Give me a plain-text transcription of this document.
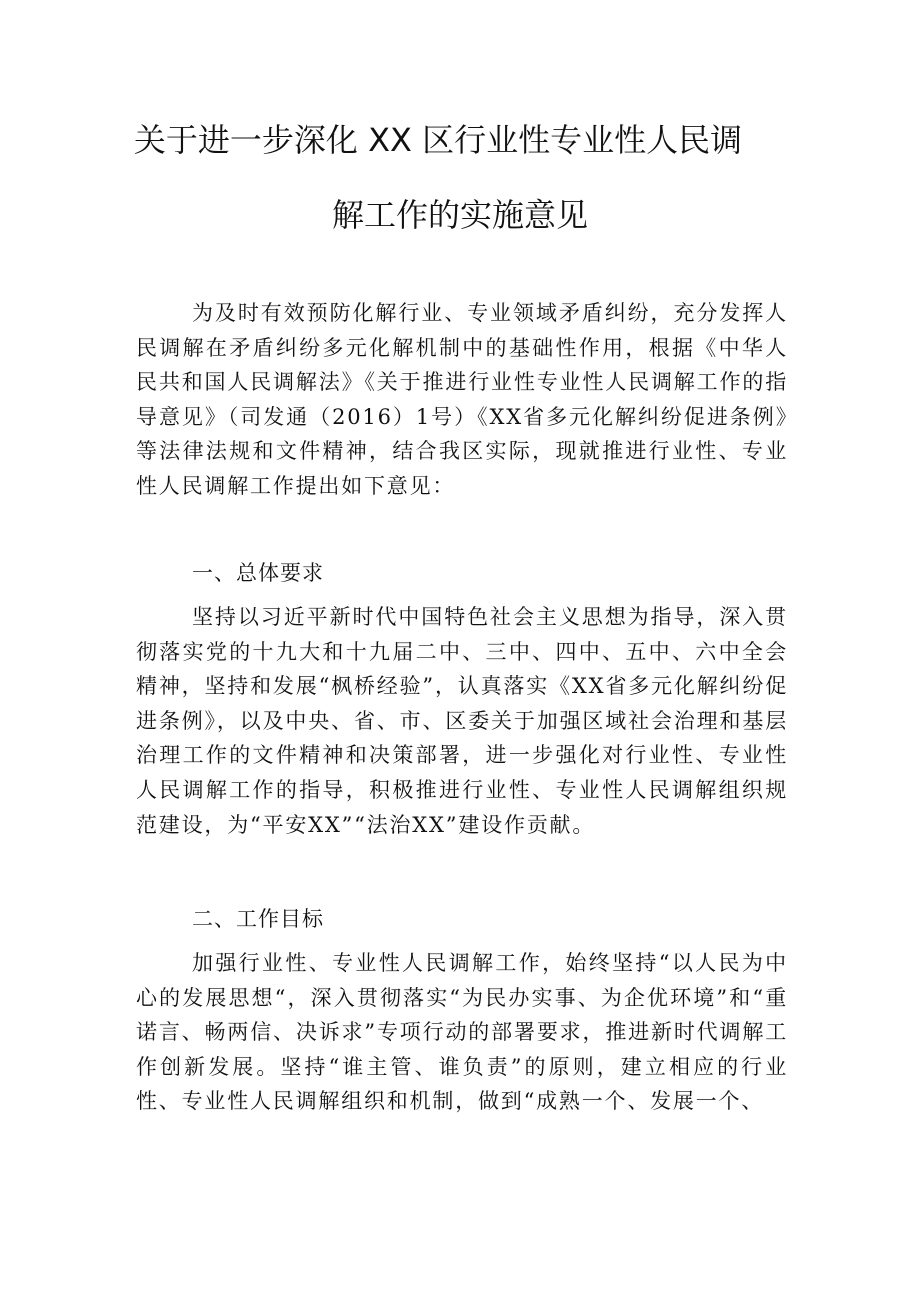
关于进一步深化 XX 区行业性专业性人民调
解工作的实施意见

为及时有效预防化解行业、专业领域矛盾纠纷，充分发挥人民调解在矛盾纠纷多元化解机制中的基础性作用，根据《中华人民共和国人民调解法》《关于推进行业性专业性人民调解工作的指导意见》（司发通（2016）1号）《XX省多元化解纠纷促进条例》等法律法规和文件精神，结合我区实际，现就推进行业性、专业性人民调解工作提出如下意见：

一、总体要求

坚持以习近平新时代中国特色社会主义思想为指导，深入贯彻落实党的十九大和十九届二中、三中、四中、五中、六中全会精神，坚持和发展“枫桥经验”，认真落实《XX省多元化解纠纷促进条例》，以及中央、省、市、区委关于加强区域社会治理和基层治理工作的文件精神和决策部署，进一步强化对行业性、专业性人民调解工作的指导，积极推进行业性、专业性人民调解组织规范建设，为“平安XX”“法治XX”建设作贡献。

二、工作目标

加强行业性、专业性人民调解工作，始终坚持“以人民为中心的发展思想“，深入贯彻落实“为民办实事、为企优环境”和“重诺言、畅两信、决诉求”专项行动的部署要求，推进新时代调解工作创新发展。坚持“谁主管、谁负责”的原则，建立相应的行业性、专业性人民调解组织和机制，做到“成熟一个、发展一个、
